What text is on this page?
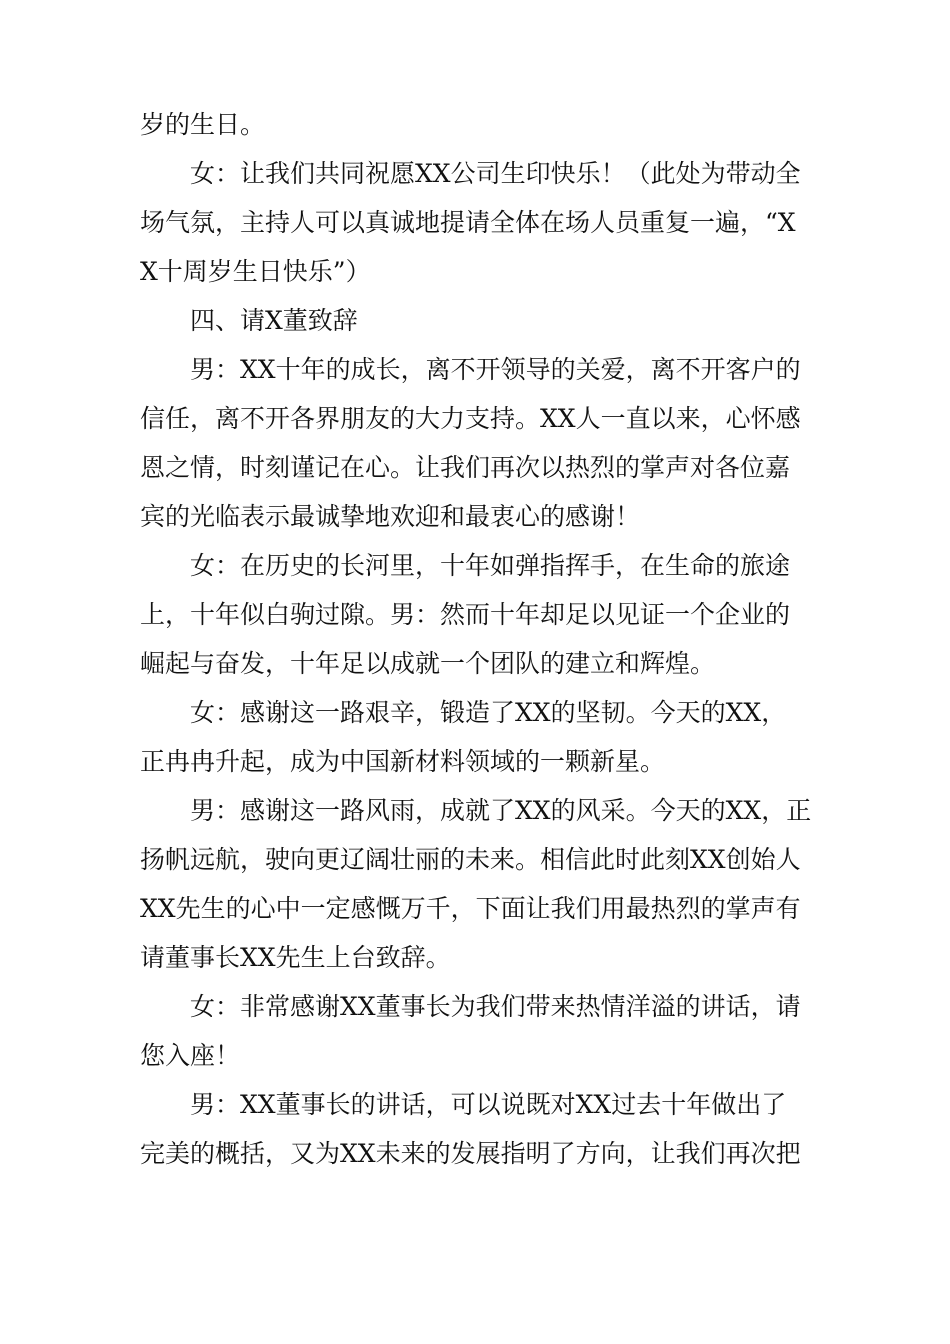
岁的生日。
　　女：让我们共同祝愿XX公司生印快乐！（此处为带动全
场气氛，主持人可以真诚地提请全体在场人员重复一遍，“X
X十周岁生日快乐”）
　　四、请X董致辞
　　男：XX十年的成长，离不开领导的关爱，离不开客户的
信任，离不开各界朋友的大力支持。XX人一直以来，心怀感
恩之情，时刻谨记在心。让我们再次以热烈的掌声对各位嘉
宾的光临表示最诚挚地欢迎和最衷心的感谢！
　　女：在历史的长河里，十年如弹指挥手，在生命的旅途
上，十年似白驹过隙。男：然而十年却足以见证一个企业的
崛起与奋发，十年足以成就一个团队的建立和辉煌。
　　女：感谢这一路艰辛，锻造了XX的坚韧。今天的XX，
正冉冉升起，成为中国新材料领域的一颗新星。
　　男：感谢这一路风雨，成就了XX的风采。今天的XX，正
扬帆远航，驶向更辽阔壮丽的未来。相信此时此刻XX创始人
XX先生的心中一定感慨万千，下面让我们用最热烈的掌声有
请董事长XX先生上台致辞。
　　女：非常感谢XX董事长为我们带来热情洋溢的讲话，请
您入座！
　　男：XX董事长的讲话，可以说既对XX过去十年做出了
完美的概括，又为XX未来的发展指明了方向，让我们再次把
